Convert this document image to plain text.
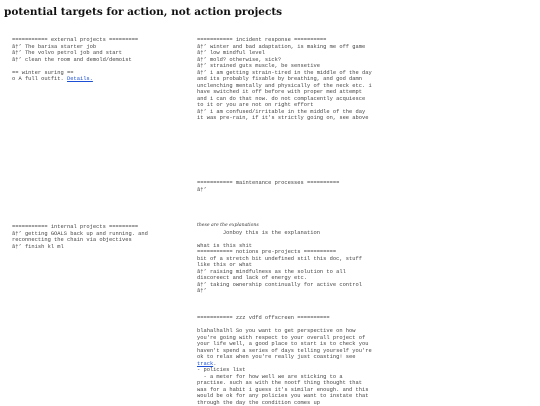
potential targets for action, not action projects
=========== external projects =========
â†’ The barisa starter job
â†’ The volvo petrol job and start
â†’ clean the room and demold/demoist
== winter suring ==
o A full outfit. Details.
=========== internal projects =========
â†’ getting GOALS back up and running. and reconnecting the chain via objectives
â†’ finish kl ml
=========== incident response ==========
â†’ winter and bad adaptation, is making me off game
â†’ low mindful level
â†’ mold? otherwise, sick?
â†’ strained guts muscle, be sensetive
â†’ i am getting strain-tired in the middle of the day and its probably fixable by breathing, and god damn unclenching mentally and physically of the neck etc. i have switched it off before with proper med attempt and i can do that now. do not complacently acquiesce to it or you are not on right effort
â†’ i am confused/irritable in the middle of the day it was pre-rain, if it's strictly going on, see above
=========== maintenance processes ==========
â†’
these are the explanations
Jonboy this is the explanation
what is this shit
=========== notions pre-projects ==========
bit of a stretch bit undefined stil this doc, stuff like this or what
â†’ raising mindfulness as the solution to all discoreect and lack of energy etc.
â†’ taking ownership continually for active control
â†’
=========== zzz vdfd offscreen ==========
blahalhalhl So you want to get perspective on how you're going with respect to your overall project of your life well, a good place to start is to check you haven't spend a series of days telling yourself you're ok to relax when you're really just coasting! see track.
- policies list
- a meter for how well we are sticking to a practise. such as with the nootf thing thought that was for a habit i guess it's similar enough. and this would be ok for any policies you want to instate that through the day the condition comes up
